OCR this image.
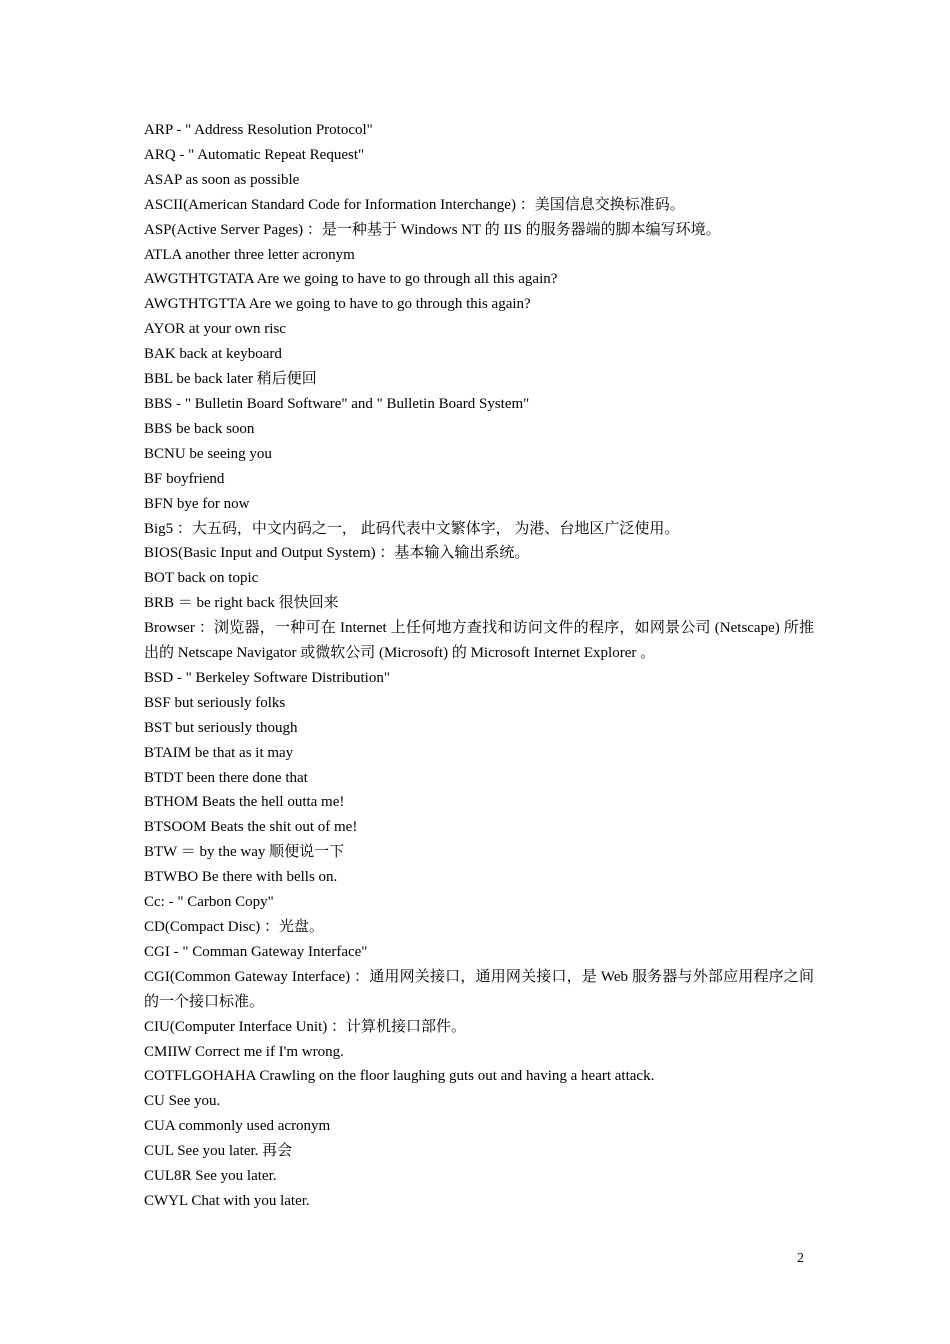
ARP - " Address Resolution Protocol"
ARQ - " Automatic Repeat Request"
ASAP as soon as possible
ASCII(American Standard Code for Information Interchange) ：美国信息交换标准码。
ASP(Active Server Pages) ：是一种基于 Windows NT 的 IIS 的服务器端的脚本编写环境。
ATLA another three letter acronym
AWGTHTGTATA Are we going to have to go through all this again?
AWGTHTGTTA Are we going to have to go through this again?
AYOR at your own risc
BAK back at keyboard
BBL be back later 稍后便回
BBS - " Bulletin Board Software" and " Bulletin Board System"
BBS be back soon
BCNU be seeing you
BF boyfriend
BFN bye for now
Big5 ：大五码，中文内码之一， 此码代表中文繁体字， 为港、台地区广泛使用。
BIOS(Basic Input and Output System) ：基本输入输出系统。
BOT back on topic
BRB ＝ be right back 很快回来
Browser ：浏览器，一种可在 Internet 上任何地方查找和访问文件的程序，如网景公司 (Netscape) 所推出的 Netscape Navigator 或微软公司 (Microsoft) 的 Microsoft Internet Explorer 。
BSD - " Berkeley Software Distribution"
BSF but seriously folks
BST but seriously though
BTAIM be that as it may
BTDT been there done that
BTHOM Beats the hell outta me!
BTSOOM Beats the shit out of me!
BTW ＝ by the way 顺便说一下
BTWBO Be there with bells on.
Cc: - " Carbon Copy"
CD(Compact Disc) ：光盘。
CGI - " Comman Gateway Interface"
CGI(Common Gateway Interface) ：通用网关接口，通用网关接口，是 Web 服务器与外部应用程序之间的一个接口标准。
CIU(Computer Interface Unit) ：计算机接口部件。
CMIIW Correct me if I'm wrong.
COTFLGOHAHA Crawling on the floor laughing guts out and having a heart attack.
CU See you.
CUA commonly used acronym
CUL See you later. 再会
CUL8R See you later.
CWYL Chat with you later.
2
